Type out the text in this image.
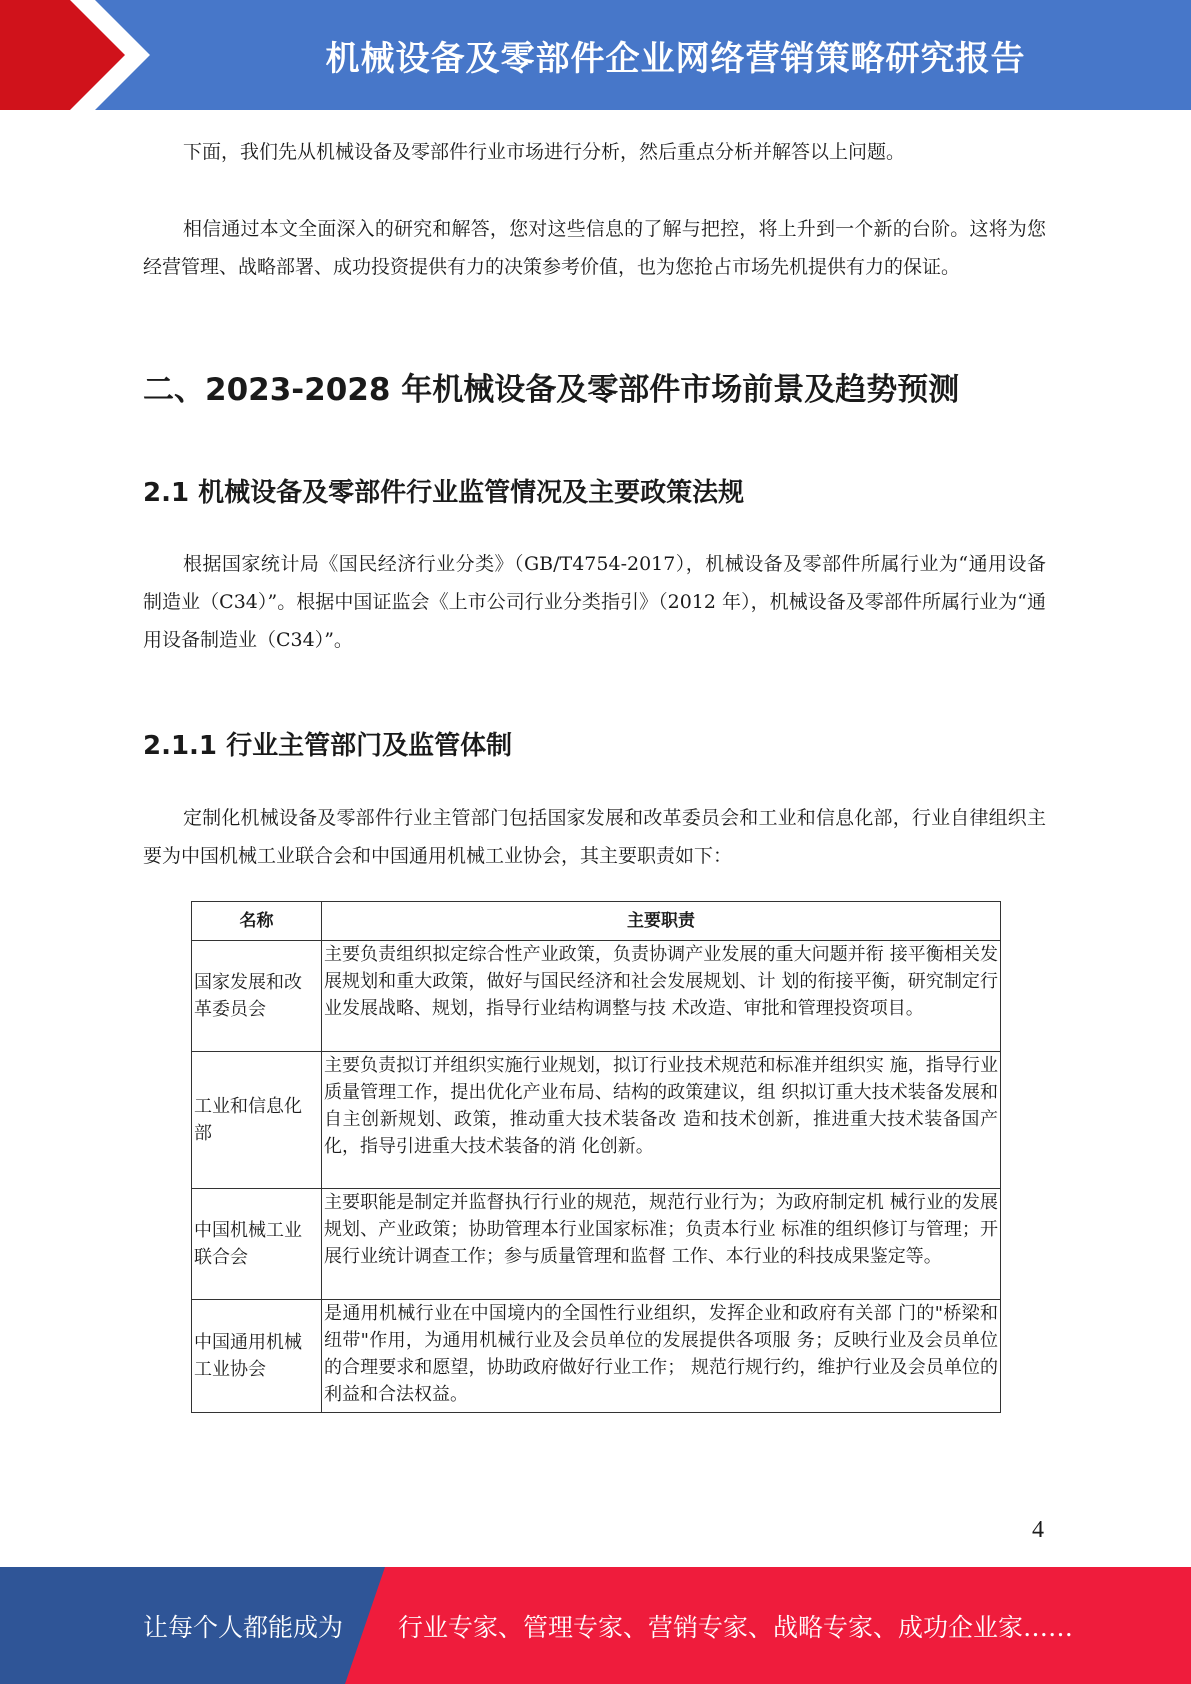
机械设备及零部件企业网络营销策略研究报告

下面，我们先从机械设备及零部件行业市场进行分析，然后重点分析并解答以上问题。

相信通过本文全面深入的研究和解答，您对这些信息的了解与把控，将上升到一个新的台阶。这将为您经营管理、战略部署、成功投资提供有力的决策参考价值，也为您抢占市场先机提供有力的保证。

二、2023-2028 年机械设备及零部件市场前景及趋势预测
2.1 机械设备及零部件行业监管情况及主要政策法规

根据国家统计局《国民经济行业分类》（GB/T4754-2017），机械设备及零部件所属行业为“通用设备制造业（C34）”。根据中国证监会《上市公司行业分类指引》（2012 年），机械设备及零部件所属行业为“通用设备制造业（C34）”。

2.1.1 行业主管部门及监管体制

定制化机械设备及零部件行业主管部门包括国家发展和改革委员会和工业和信息化部，行业自律组织主要为中国机械工业联合会和中国通用机械工业协会，其主要职责如下：

名称	主要职责
国家发展和改革委员会	主要负责组织拟定综合性产业政策，负责协调产业发展的重大问题并衔 接平衡相关发展规划和重大政策，做好与国民经济和社会发展规划、计 划的衔接平衡，研究制定行业发展战略、规划，指导行业结构调整与技 术改造、审批和管理投资项目。
工业和信息化部	主要负责拟订并组织实施行业规划，拟订行业技术规范和标准并组织实 施，指导行业质量管理工作，提出优化产业布局、结构的政策建议，组 织拟订重大技术装备发展和自主创新规划、政策，推动重大技术装备改 造和技术创新，推进重大技术装备国产化，指导引进重大技术装备的消 化创新。
中国机械工业联合会	主要职能是制定并监督执行行业的规范，规范行业行为；为政府制定机 械行业的发展规划、产业政策；协助管理本行业国家标准；负责本行业 标准的组织修订与管理；开展行业统计调查工作；参与质量管理和监督 工作、本行业的科技成果鉴定等。
中国通用机械工业协会	是通用机械行业在中国境内的全国性行业组织，发挥企业和政府有关部 门的"桥梁和纽带"作用，为通用机械行业及会员单位的发展提供各项服 务；反映行业及会员单位的合理要求和愿望，协助政府做好行业工作； 规范行规行约，维护行业及会员单位的利益和合法权益。
4
让每个人都能成为 行业专家、管理专家、营销专家、战略专家、成功企业家……
